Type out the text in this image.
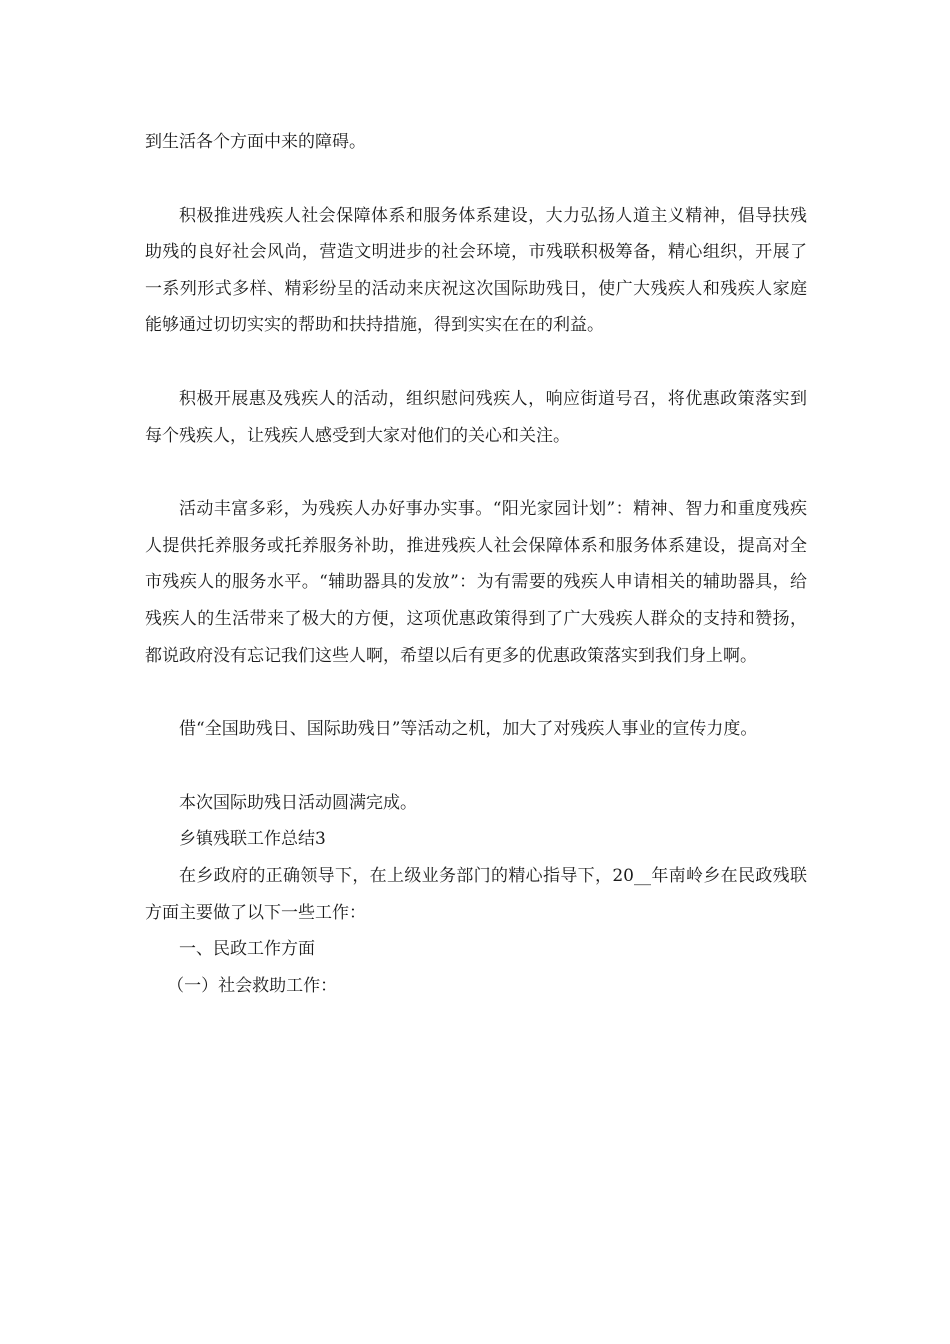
到生活各个方面中来的障碍。

积极推进残疾人社会保障体系和服务体系建设，大力弘扬人道主义精神，倡导扶残助残的良好社会风尚，营造文明进步的社会环境，市残联积极筹备，精心组织，开展了一系列形式多样、精彩纷呈的活动来庆祝这次国际助残日，使广大残疾人和残疾人家庭能够通过切切实实的帮助和扶持措施，得到实实在在的利益。

积极开展惠及残疾人的活动，组织慰问残疾人，响应街道号召，将优惠政策落实到每个残疾人，让残疾人感受到大家对他们的关心和关注。

活动丰富多彩，为残疾人办好事办实事。“阳光家园计划”：精神、智力和重度残疾人提供托养服务或托养服务补助，推进残疾人社会保障体系和服务体系建设，提高对全市残疾人的服务水平。“辅助器具的发放”：为有需要的残疾人申请相关的辅助器具，给残疾人的生活带来了极大的方便，这项优惠政策得到了广大残疾人群众的支持和赞扬，都说政府没有忘记我们这些人啊，希望以后有更多的优惠政策落实到我们身上啊。

借“全国助残日、国际助残日”等活动之机，加大了对残疾人事业的宣传力度。

本次国际助残日活动圆满完成。

乡镇残联工作总结3

在乡政府的正确领导下，在上级业务部门的精心指导下，20__年南岭乡在民政残联方面主要做了以下一些工作：

一、民政工作方面

（一）社会救助工作：
